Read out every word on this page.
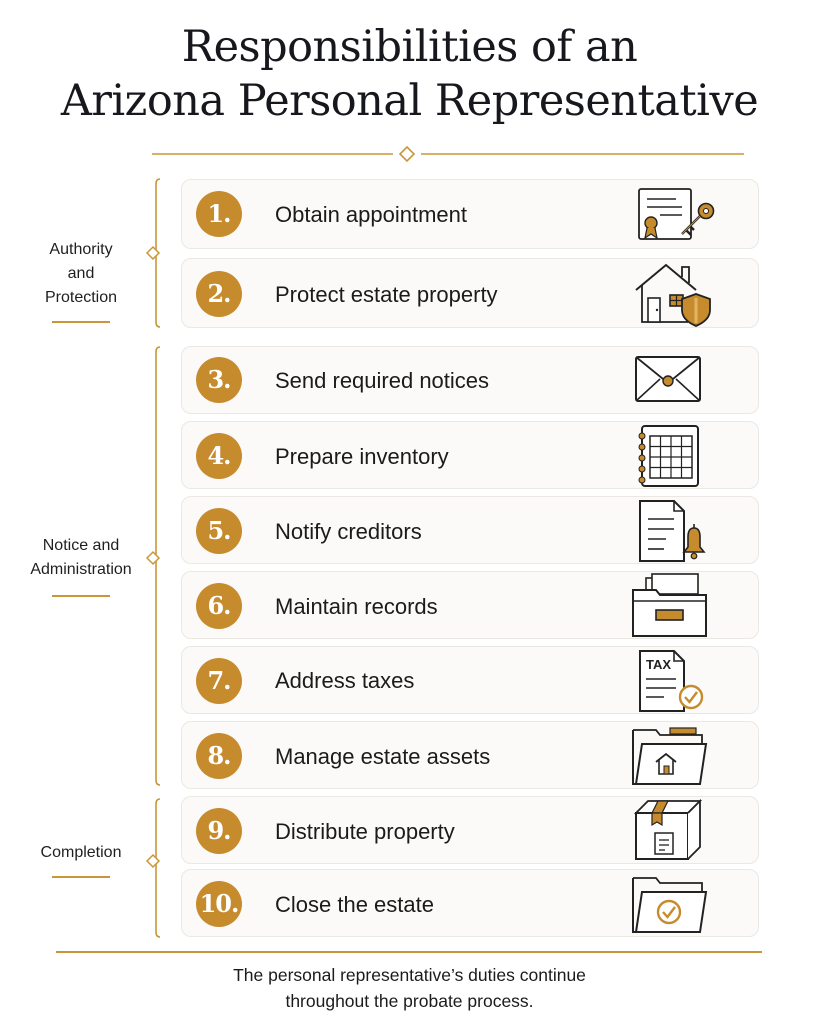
Responsibilities of an
Arizona Personal Representative
Authority
and
Protection
Notice and
Administration
Completion
1.	Obtain appointment
2.	Protect estate property
3.	Send required notices
4.	Prepare inventory
5.	Notify creditors
6.	Maintain records
7.	Address taxes
TAX
8.	Manage estate assets
9.	Distribute property
10. Close the estate
The personal representative’s duties continue
throughout the probate process.
